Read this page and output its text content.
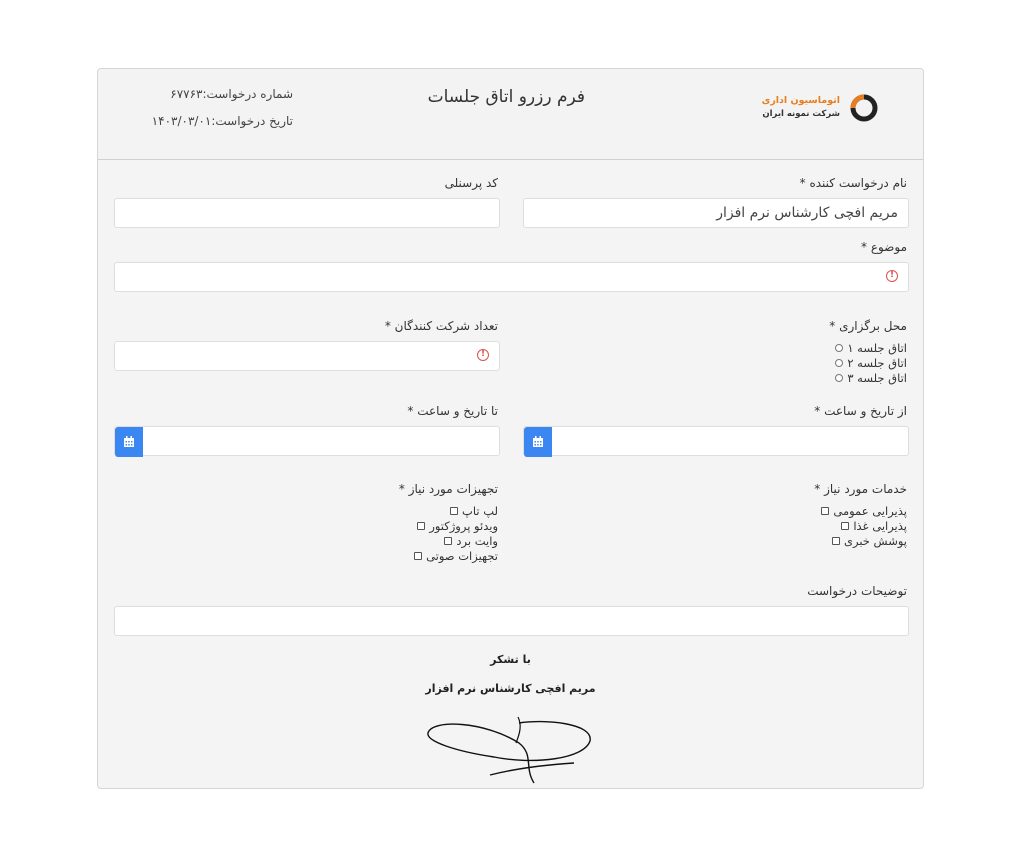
شماره درخواست:۶۷۷۶۳
تاریخ درخواست:۱۴۰۳/۰۳/۰۱
فرم رزرو اتاق جلسات	اتوماسیون اداری
شرکت نمونه ایران
نام درخواست کننده *
مریم افچی کارشناس نرم افزار
کد پرسنلی
موضوع *
!
محل برگزاری *
اتاق جلسه ۱
اتاق جلسه ۲
اتاق جلسه ۳
تعداد شرکت کنندگان *
!
از تاریخ و ساعت *
تا تاریخ و ساعت *
خدمات مورد نیاز *
پذیرایی عمومی
پذیرایی غذا
پوشش خبری
تجهیزات مورد نیاز *
لپ تاپ
ویدئو پروژکتور
وایت برد
تجهیزات صوتی
توضیحات درخواست
با تشکر
مریم افچی کارشناس نرم افزار
